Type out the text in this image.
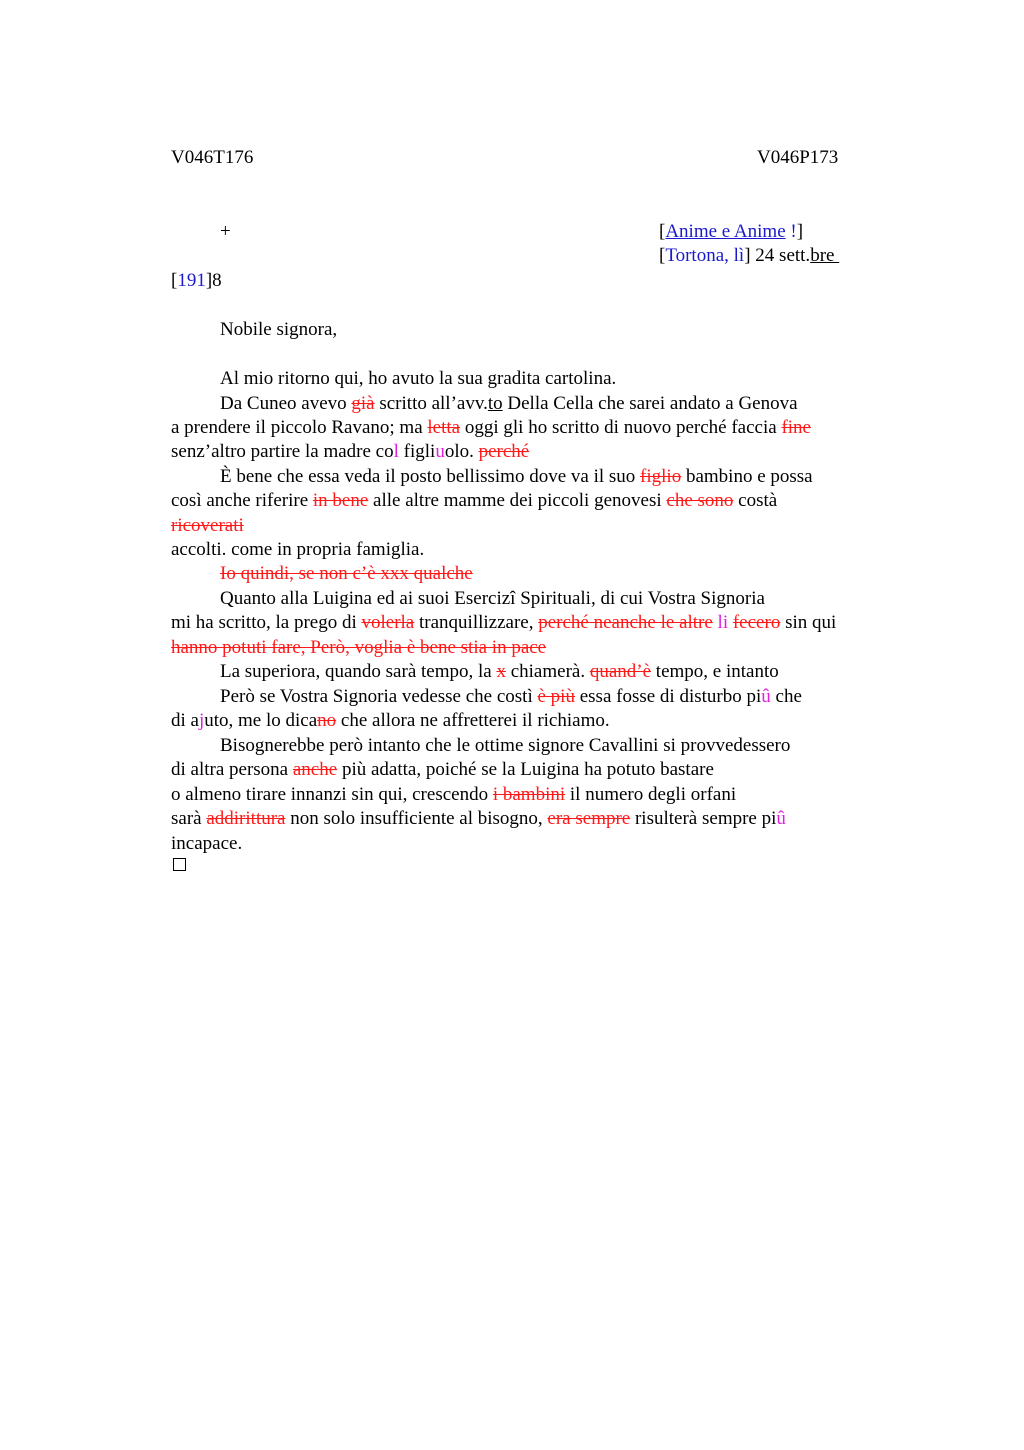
V046T176	V046P173
+	[Anime e Anime !]
[Tortona, lì] 24 sett.bre
[191]8
Nobile signora,
Al mio ritorno qui, ho avuto la sua gradita cartolina.
Da Cuneo avevo già scritto all’avv.to Della Cella che sarei andato a Genova
a prendere il piccolo Ravano; ma letta oggi gli ho scritto di nuovo perché faccia fine
senz’altro partire la madre col figliuolo. perché
È bene che essa veda il posto bellissimo dove va il suo figlio bambino e possa
così anche riferire in bene alle altre mamme dei piccoli genovesi che sono costà
ricoverati
accolti. come in propria famiglia.
Io quindi, se non c’è xxx qualche
Quanto alla Luigina ed ai suoi Esercizi Spirituali, di cui Vostra Signoria
mi ha scritto, la prego di volerla tranquillizzare, perché neanche le altre li fecero sin qui
hanno potuti fare, Però, voglia è bene stia in pace
La superiora, quando sarà tempo, la x chiamerà. quand’è tempo, e intanto
Però se Vostra Signoria vedesse che costì è più essa fosse di disturbo piû che
di ajuto, me lo dicano che allora ne affretterei il richiamo.
Bisognerebbe però intanto che le ottime signore Cavallini si provvedessero
di altra persona anche più adatta, poiché se la Luigina ha potuto bastare
o almeno tirare innanzi sin qui, crescendo i bambini il numero degli orfani
sarà addirittura non solo insufficiente al bisogno, era sempre risulterà sempre piû
incapace.
